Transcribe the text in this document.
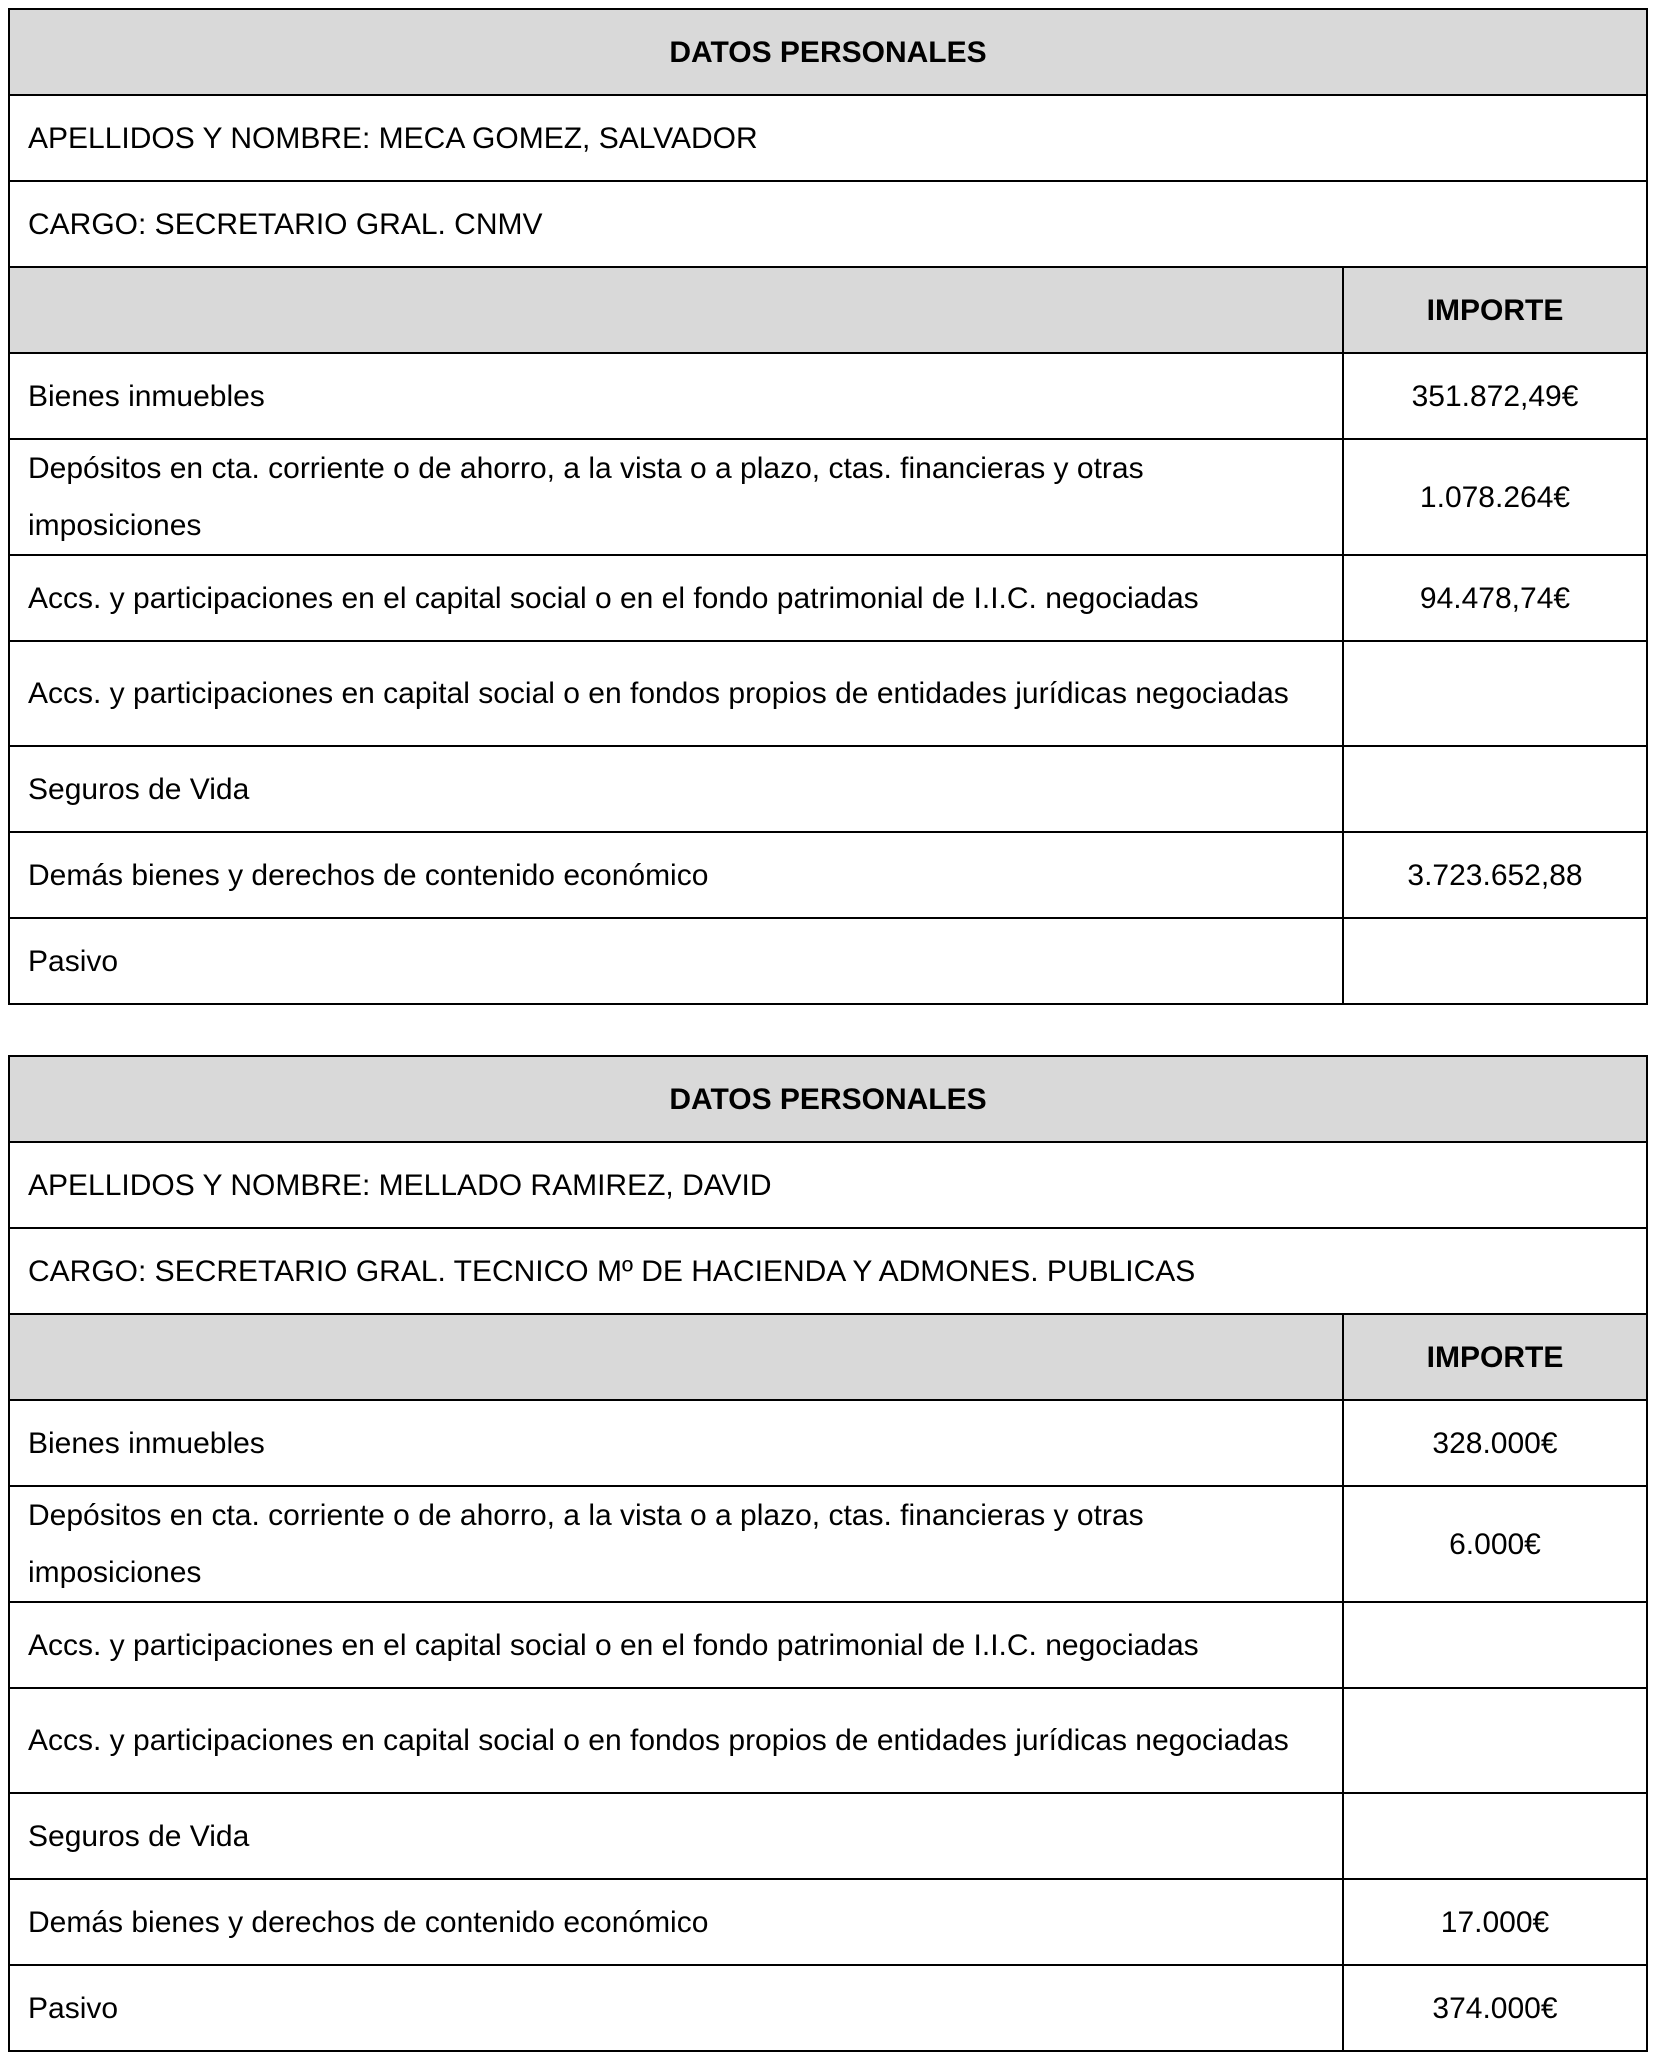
DATOS PERSONALES	
APELLIDOS Y NOMBRE: MECA GOMEZ, SALVADOR	
CARGO: SECRETARIO GRAL. CNMV	
	IMPORTE
Bienes inmuebles	351.872,49€
Depósitos en cta. corriente o de ahorro, a la vista o a plazo, ctas. financieras y otras imposiciones	1.078.264€
Accs. y participaciones en el capital social o en el fondo patrimonial de I.I.C. negociadas	94.478,74€
Accs. y participaciones en capital social o en fondos propios de entidades jurídicas negociadas	
Seguros de Vida	
Demás bienes y derechos de contenido económico	3.723.652,88
Pasivo	
DATOS PERSONALES	
APELLIDOS Y NOMBRE: MELLADO RAMIREZ, DAVID	
CARGO: SECRETARIO GRAL. TECNICO Mº DE HACIENDA Y ADMONES. PUBLICAS	
	IMPORTE
Bienes inmuebles	328.000€
Depósitos en cta. corriente o de ahorro, a la vista o a plazo, ctas. financieras y otras imposiciones	6.000€
Accs. y participaciones en el capital social o en el fondo patrimonial de I.I.C. negociadas	
Accs. y participaciones en capital social o en fondos propios de entidades jurídicas negociadas	
Seguros de Vida	
Demás bienes y derechos de contenido económico	17.000€
Pasivo	374.000€
